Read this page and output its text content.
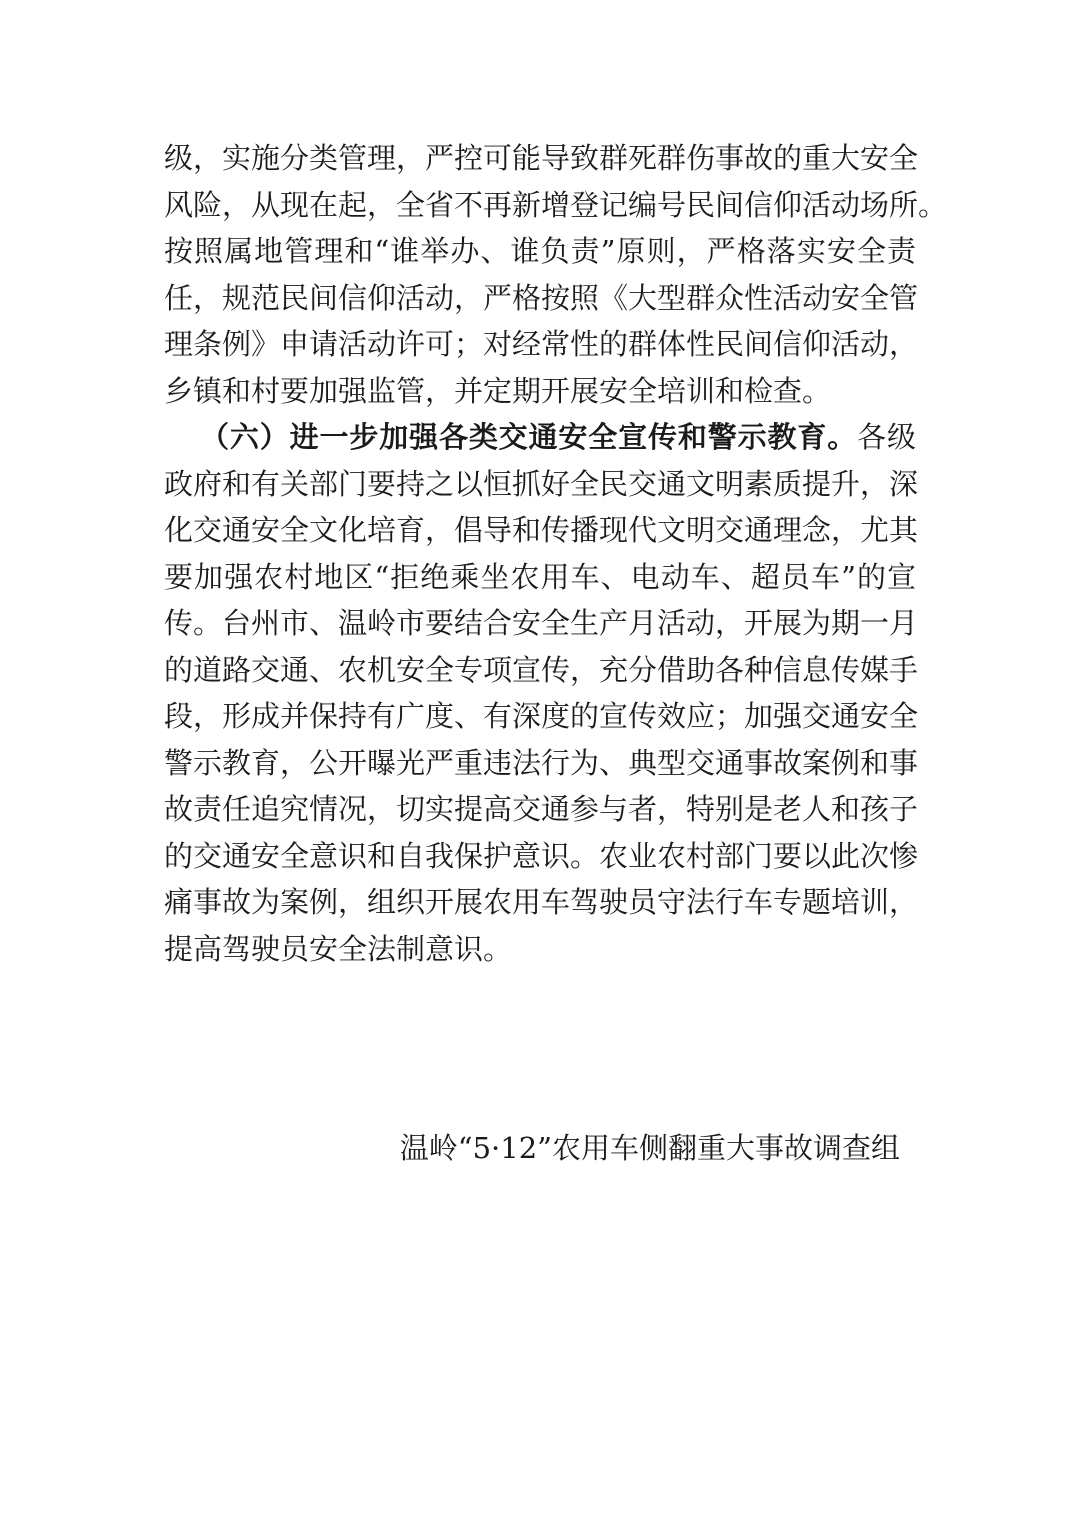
级，实施分类管理，严控可能导致群死群伤事故的重大安全
风险，从现在起，全省不再新增登记编号民间信仰活动场所。
按照属地管理和“谁举办、谁负责”原则，严格落实安全责
任，规范民间信仰活动，严格按照《大型群众性活动安全管
理条例》申请活动许可；对经常性的群体性民间信仰活动，
乡镇和村要加强监管，并定期开展安全培训和检查。
（六）进一步加强各类交通安全宣传和警示教育。各级
政府和有关部门要持之以恒抓好全民交通文明素质提升，深
化交通安全文化培育，倡导和传播现代文明交通理念，尤其
要加强农村地区“拒绝乘坐农用车、电动车、超员车”的宣
传。台州市、温岭市要结合安全生产月活动，开展为期一月
的道路交通、农机安全专项宣传，充分借助各种信息传媒手
段，形成并保持有广度、有深度的宣传效应；加强交通安全
警示教育，公开曝光严重违法行为、典型交通事故案例和事
故责任追究情况，切实提高交通参与者，特别是老人和孩子
的交通安全意识和自我保护意识。农业农村部门要以此次惨
痛事故为案例，组织开展农用车驾驶员守法行车专题培训，
提高驾驶员安全法制意识。
温岭“5·12”农用车侧翻重大事故调查组
